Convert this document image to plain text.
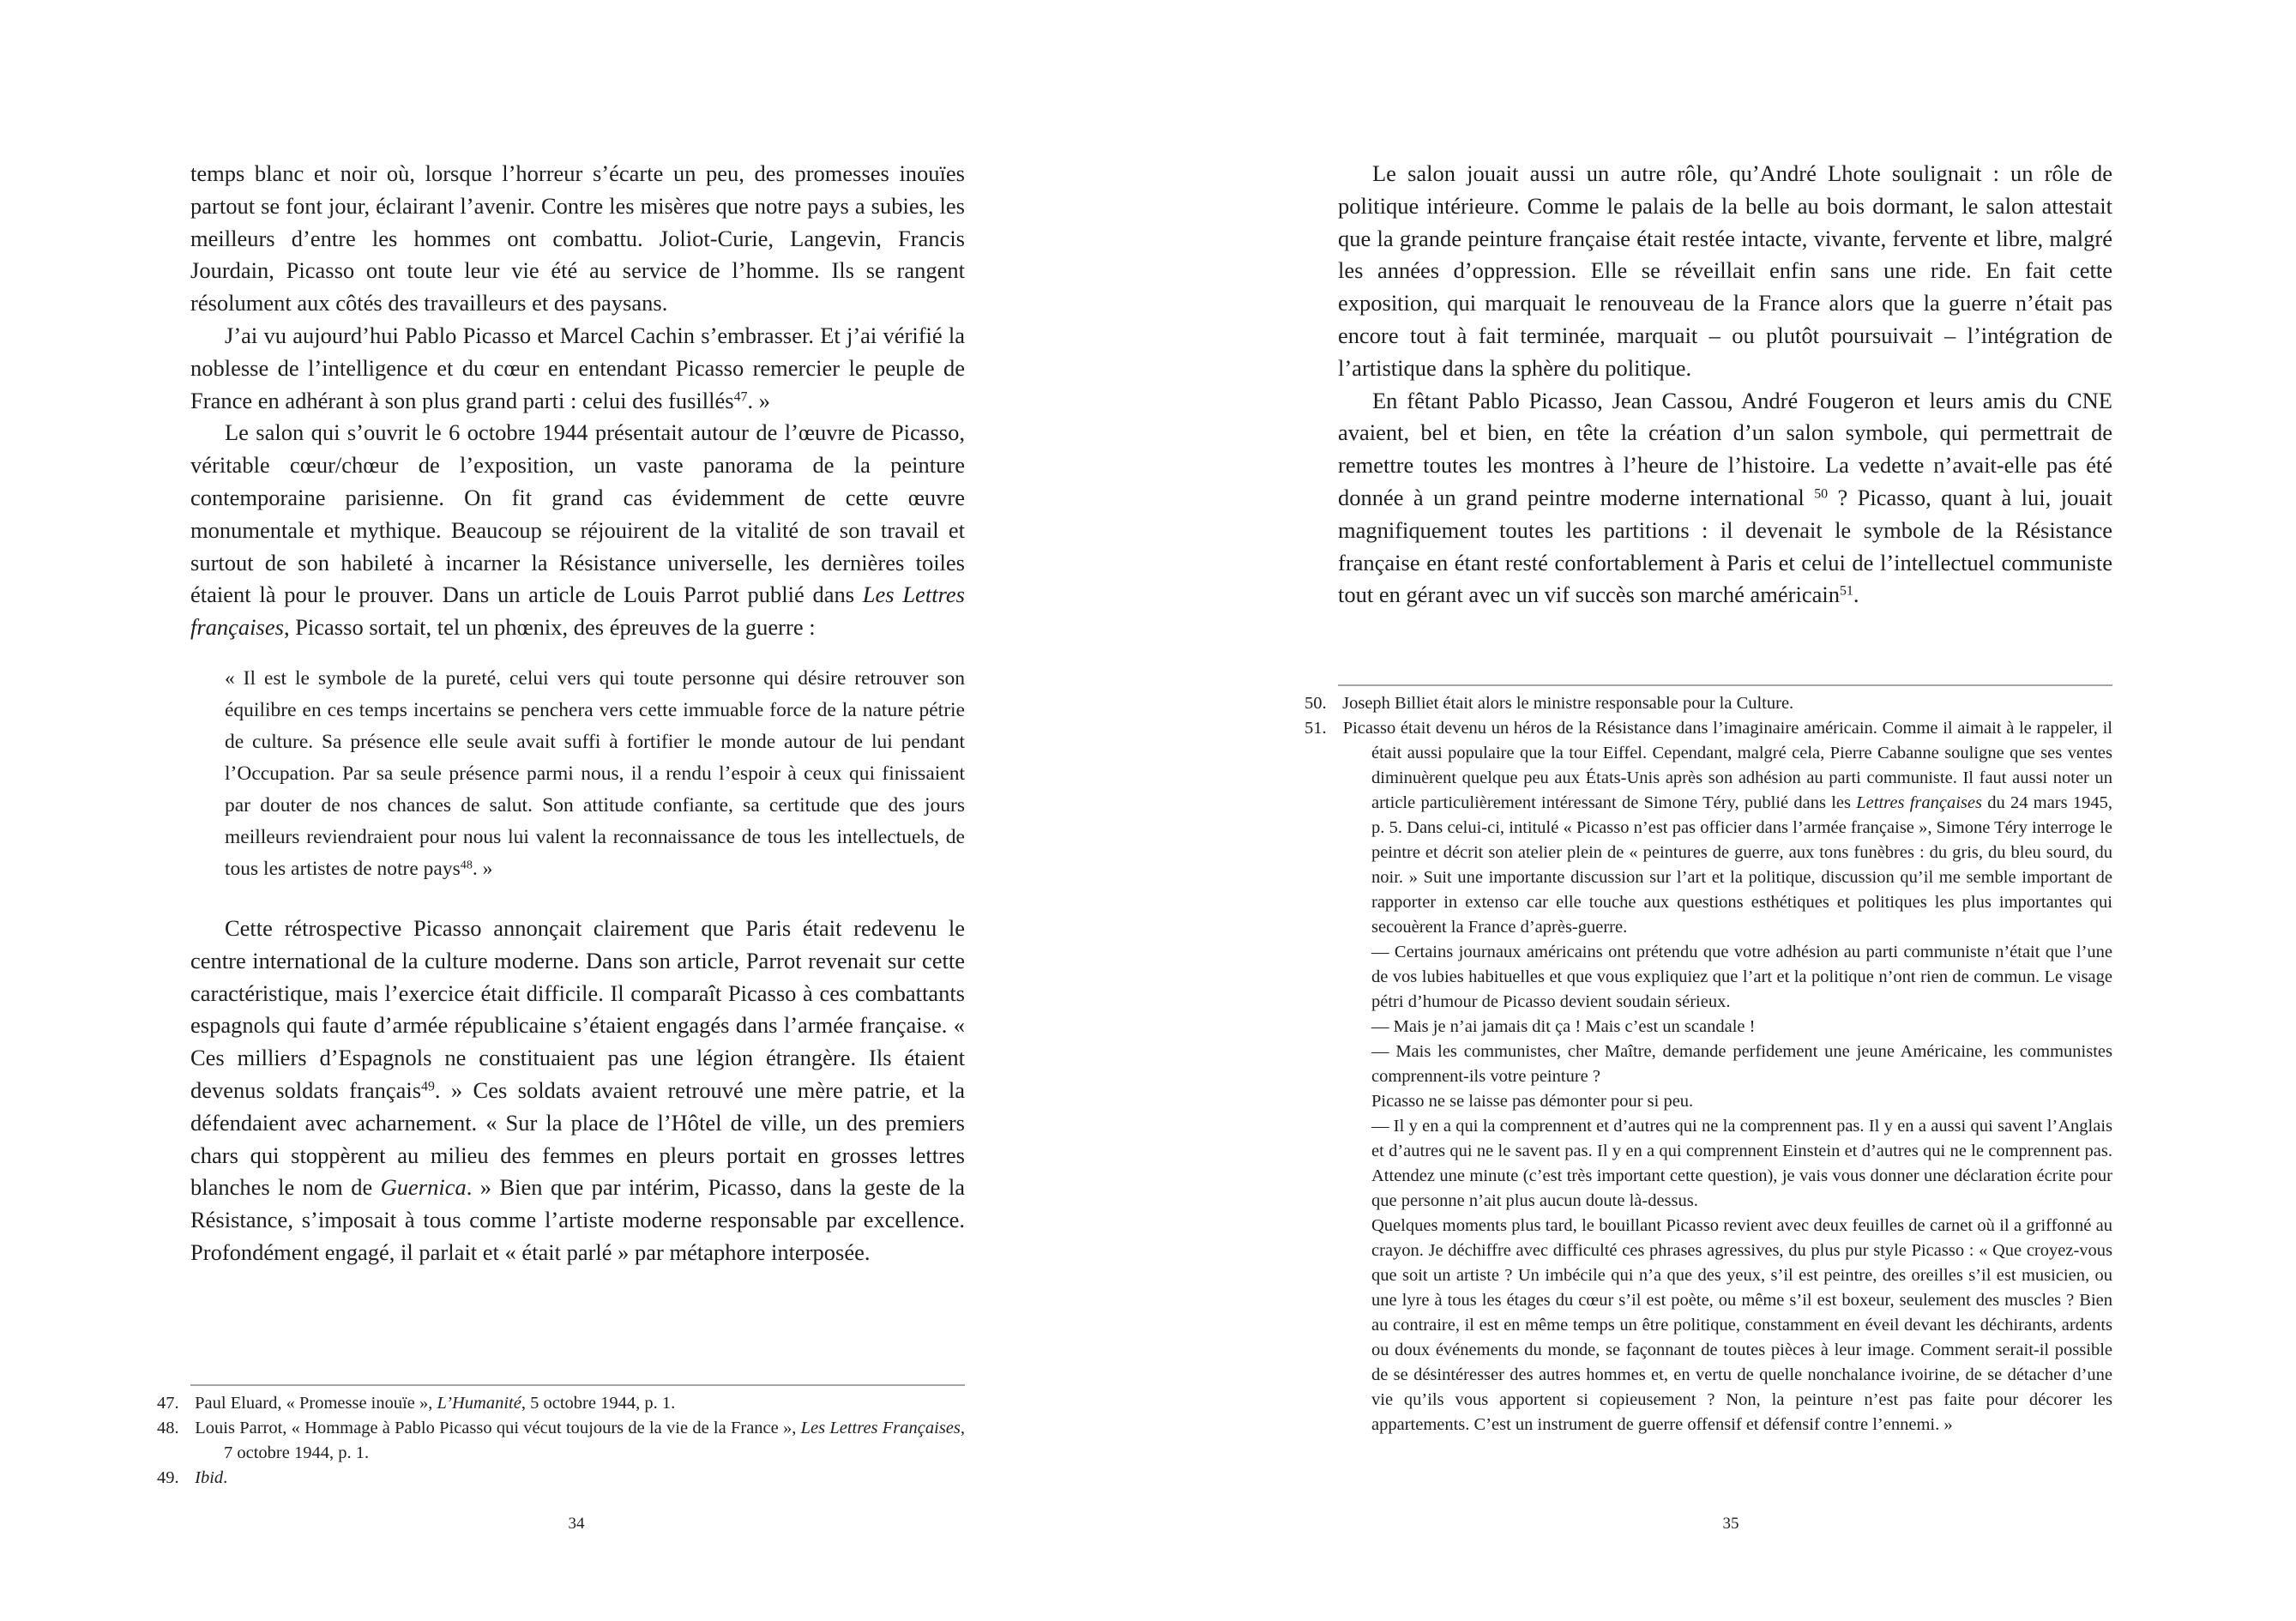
temps blanc et noir où, lorsque l’horreur s’écarte un peu, des promesses inouïes partout se font jour, éclairant l’avenir. Contre les misères que notre pays a subies, les meilleurs d’entre les hommes ont combattu. Joliot-Curie, Langevin, Francis Jourdain, Picasso ont toute leur vie été au service de l’homme. Ils se rangent résolument aux côtés des travailleurs et des paysans.

J’ai vu aujourd’hui Pablo Picasso et Marcel Cachin s’embrasser. Et j’ai vérifié la noblesse de l’intelligence et du cœur en entendant Picasso remercier le peuple de France en adhérant à son plus grand parti : celui des fusillés$^{47}$. »

Le salon qui s’ouvrit le 6 octobre 1944 présentait autour de l’œuvre de Picasso, véritable cœur/chœur de l’exposition, un vaste panorama de la peinture contemporaine parisienne. On fit grand cas évidemment de cette œuvre monumentale et mythique. Beaucoup se réjouirent de la vitalité de son travail et surtout de son habileté à incarner la Résistance universelle, les dernières toiles étaient là pour le prouver. Dans un article de Louis Parrot publié dans Les Lettres françaises, Picasso sortait, tel un phœnix, des épreuves de la guerre :

« Il est le symbole de la pureté, celui vers qui toute personne qui désire retrouver son équilibre en ces temps incertains se penchera vers cette immuable force de la nature pétrie de culture. Sa présence elle seule avait suffi à fortifier le monde autour de lui pendant l’Occupation. Par sa seule présence parmi nous, il a rendu l’espoir à ceux qui finissaient par douter de nos chances de salut. Son attitude confiante, sa certitude que des jours meilleurs reviendraient pour nous lui valent la reconnaissance de tous les intellectuels, de tous les artistes de notre pays$^{48}$. »

Cette rétrospective Picasso annonçait clairement que Paris était redevenu le centre international de la culture moderne. Dans son article, Parrot revenait sur cette caractéristique, mais l’exercice était difficile. Il comparaît Picasso à ces combattants espagnols qui faute d’armée républicaine s’étaient engagés dans l’armée française. « Ces milliers d’Espagnols ne constituaient pas une légion étrangère. Ils étaient devenus soldats français$^{49}$. » Ces soldats avaient retrouvé une mère patrie, et la défendaient avec acharnement. « Sur la place de l’Hôtel de ville, un des premiers chars qui stoppèrent au milieu des femmes en pleurs portait en grosses lettres blanches le nom de Guernica. » Bien que par intérim, Picasso, dans la geste de la Résistance, s’imposait à tous comme l’artiste moderne responsable par excellence. Profondément engagé, il parlait et « était parlé » par métaphore interposée.

47. Paul Eluard, « Promesse inouïe », L’Humanité, 5 octobre 1944, p. 1.
48. Louis Parrot, « Hommage à Pablo Picasso qui vécut toujours de la vie de la France », Les Lettres Françaises, 7 octobre 1944, p. 1.
49. Ibid.
34

Le salon jouait aussi un autre rôle, qu’André Lhote soulignait : un rôle de politique intérieure. Comme le palais de la belle au bois dormant, le salon attestait que la grande peinture française était restée intacte, vivante, fervente et libre, malgré les années d’oppression. Elle se réveillait enfin sans une ride. En fait cette exposition, qui marquait le renouveau de la France alors que la guerre n’était pas encore tout à fait terminée, marquait – ou plutôt poursuivait – l’intégration de l’artistique dans la sphère du politique.

En fêtant Pablo Picasso, Jean Cassou, André Fougeron et leurs amis du CNE avaient, bel et bien, en tête la création d’un salon symbole, qui permettrait de remettre toutes les montres à l’heure de l’histoire. La vedette n’avait-elle pas été donnée à un grand peintre moderne international $^{50}$ ? Picasso, quant à lui, jouait magnifiquement toutes les partitions : il devenait le symbole de la Résistance française en étant resté confortablement à Paris et celui de l’intellectuel communiste tout en gérant avec un vif succès son marché américain$^{51}$.

50. Joseph Billiet était alors le ministre responsable pour la Culture.
51. Picasso était devenu un héros de la Résistance dans l’imaginaire américain. Comme il aimait à le rappeler, il était aussi populaire que la tour Eiffel. Cependant, malgré cela, Pierre Cabanne souligne que ses ventes diminuèrent quelque peu aux États-Unis après son adhésion au parti communiste. Il faut aussi noter un article particulièrement intéressant de Simone Téry, publié dans les Lettres françaises du 24 mars 1945, p. 5. Dans celui-ci, intitulé « Picasso n’est pas officier dans l’armée française », Simone Téry interroge le peintre et décrit son atelier plein de « peintures de guerre, aux tons funèbres : du gris, du bleu sourd, du noir. » Suit une importante discussion sur l’art et la politique, discussion qu’il me semble important de rapporter in extenso car elle touche aux questions esthétiques et politiques les plus importantes qui secouèrent la France d’après-guerre.
— Certains journaux américains ont prétendu que votre adhésion au parti communiste n’était que l’une de vos lubies habituelles et que vous expliquiez que l’art et la politique n’ont rien de commun. Le visage pétri d’humour de Picasso devient soudain sérieux.
— Mais je n’ai jamais dit ça ! Mais c’est un scandale !
— Mais les communistes, cher Maître, demande perfidement une jeune Américaine, les communistes comprennent-ils votre peinture ?
Picasso ne se laisse pas démonter pour si peu.
— Il y en a qui la comprennent et d’autres qui ne la comprennent pas. Il y en a aussi qui savent l’Anglais et d’autres qui ne le savent pas. Il y en a qui comprennent Einstein et d’autres qui ne le comprennent pas. Attendez une minute (c’est très important cette question), je vais vous donner une déclaration écrite pour que personne n’ait plus aucun doute là-dessus.
Quelques moments plus tard, le bouillant Picasso revient avec deux feuilles de carnet où il a griffonné au crayon. Je déchiffre avec difficulté ces phrases agressives, du plus pur style Picasso : « Que croyez-vous que soit un artiste ? Un imbécile qui n’a que des yeux, s’il est peintre, des oreilles s’il est musicien, ou une lyre à tous les étages du cœur s’il est poète, ou même s’il est boxeur, seulement des muscles ? Bien au contraire, il est en même temps un être politique, constamment en éveil devant les déchirants, ardents ou doux événements du monde, se façonnant de toutes pièces à leur image. Comment serait-il possible de se désintéresser des autres hommes et, en vertu de quelle nonchalance ivoirine, de se détacher d’une vie qu’ils vous apportent si copieusement ? Non, la peinture n’est pas faite pour décorer les appartements. C’est un instrument de guerre offensif et défensif contre l’ennemi. »
35
